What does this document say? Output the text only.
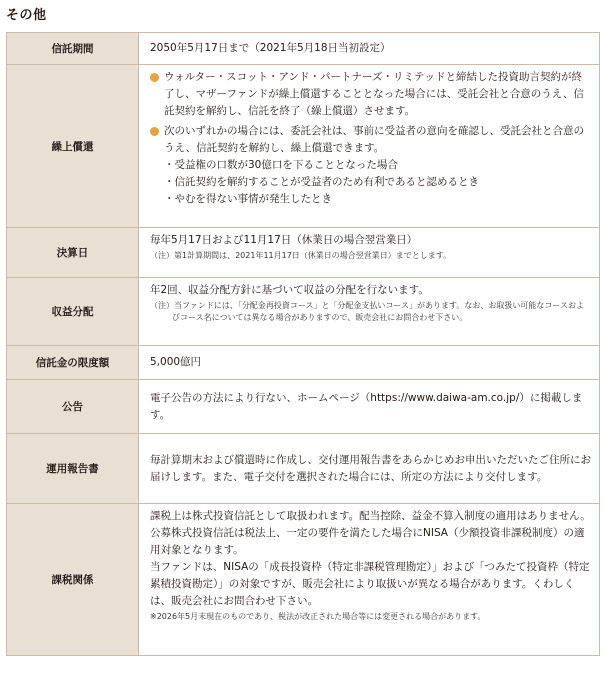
その他
信託期間	2050年5月17日まで（2021年5月18日当初設定）
繰上償還	ウォルター・スコット・アンド・パートナーズ・リミテッドと締結した投資助言契約が終了し、マザーファンドが繰上償還することとなった場合には、受託会社と合意のうえ、信託契約を解約し、信託を終了（繰上償還）させます。
次のいずれかの場合には、委託会社は、事前に受益者の意向を確認し、受託会社と合意のうえ、信託契約を解約し、繰上償還できます。
・受益権の口数が30億口を下ることとなった場合
・信託契約を解約することが受益者のため有利であると認めるとき
・やむを得ない事情が発生したとき

決算日	毎年5月17日および11月17日（休業日の場合翌営業日）
（注）第1計算期間は、2021年11月17日（休業日の場合翌営業日）までとします。

収益分配	年2回、収益分配方針に基づいて収益の分配を行ないます。
（注）当ファンドには、「分配金再投資コース」と「分配金支払いコース」があります。なお、お取扱い可能なコースおよびコース名については異なる場合がありますので、販売会社にお問合わせ下さい。

信託金の限度額	5,000億円
公告	電子公告の方法により行ない、ホームページ（https://www.daiwa-am.co.jp/）に掲載します。
運用報告書	毎計算期末および償還時に作成し、交付運用報告書をあらかじめお申出いただいたご住所にお届けします。また、電子交付を選択された場合には、所定の方法により交付します。
課税関係	課税上は株式投資信託として取扱われます。配当控除、益金不算入制度の適用はありません。
公募株式投資信託は税法上、一定の要件を満たした場合にNISA（少額投資非課税制度）の適用対象となります。
当ファンドは、NISAの「成長投資枠（特定非課税管理勘定）」および「つみたて投資枠（特定累積投資勘定）」の対象ですが、販売会社により取扱いが異なる場合があります。くわしくは、販売会社にお問合わせ下さい。
※2026年5月末現在のものであり、税法が改正された場合等には変更される場合があります。
